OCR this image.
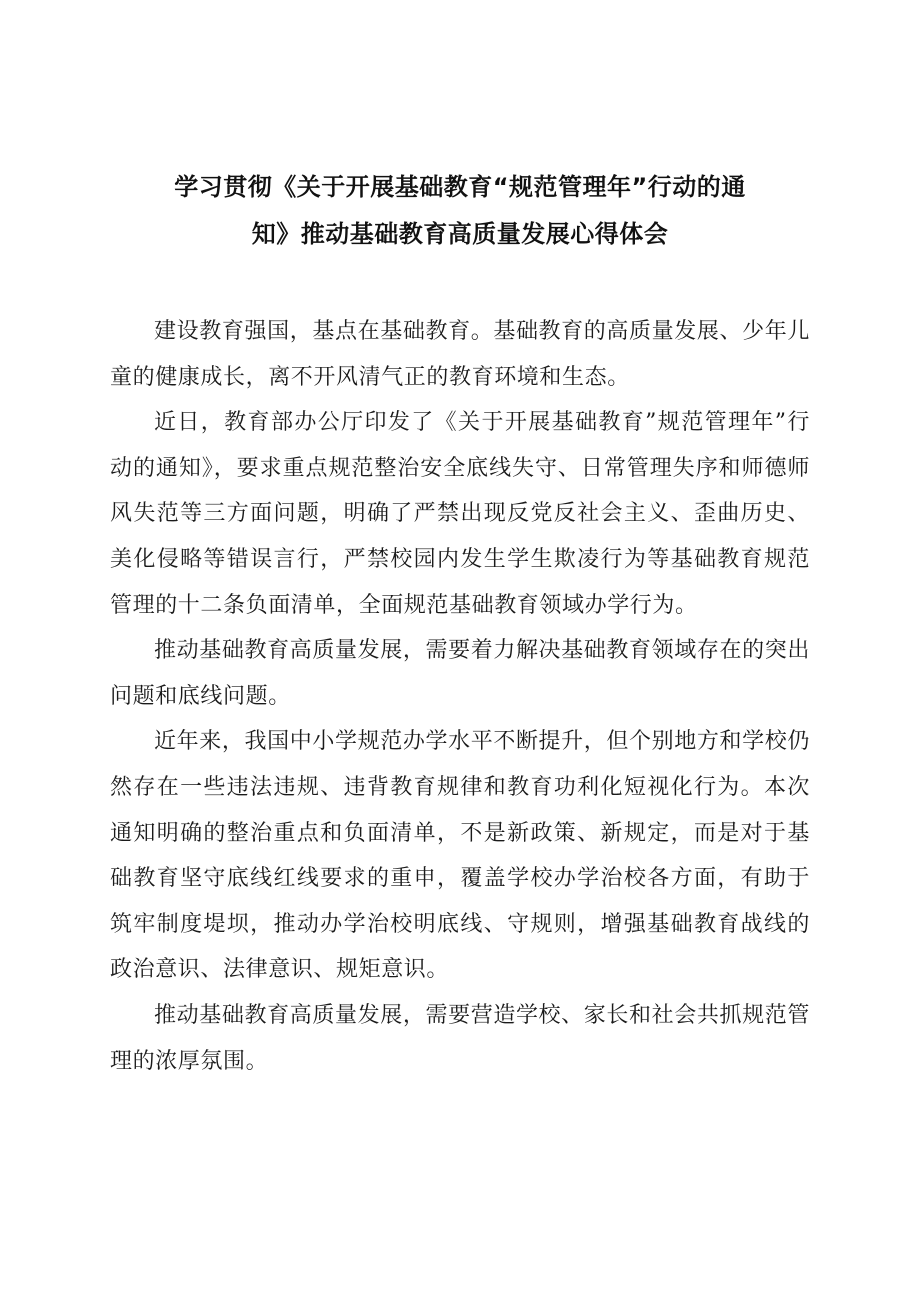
学习贯彻《关于开展基础教育“规范管理年”行动的通
知》推动基础教育高质量发展心得体会

建设教育强国，基点在基础教育。基础教育的高质量发展、少年儿童的健康成长，离不开风清气正的教育环境和生态。

近日，教育部办公厅印发了《关于开展基础教育”规范管理年”行动的通知》，要求重点规范整治安全底线失守、日常管理失序和师德师风失范等三方面问题，明确了严禁出现反党反社会主义、歪曲历史、美化侵略等错误言行，严禁校园内发生学生欺凌行为等基础教育规范管理的十二条负面清单，全面规范基础教育领域办学行为。

推动基础教育高质量发展，需要着力解决基础教育领域存在的突出问题和底线问题。

近年来，我国中小学规范办学水平不断提升，但个别地方和学校仍然存在一些违法违规、违背教育规律和教育功利化短视化行为。本次通知明确的整治重点和负面清单，不是新政策、新规定，而是对于基础教育坚守底线红线要求的重申，覆盖学校办学治校各方面，有助于筑牢制度堤坝，推动办学治校明底线、守规则，增强基础教育战线的政治意识、法律意识、规矩意识。

推动基础教育高质量发展，需要营造学校、家长和社会共抓规范管理的浓厚氛围。
